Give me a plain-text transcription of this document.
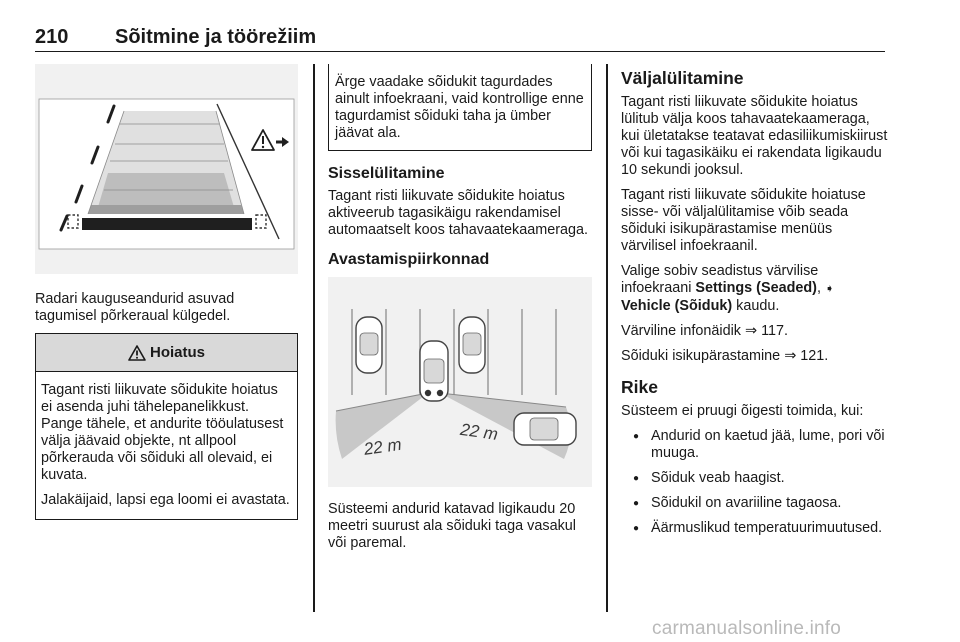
210 Sõitmine ja töörežiim

Radari kauguseandurid asuvad
tagumisel põrkeraual külgedel.

Hoiatus

Tagant risti liikuvate sõidukite hoiatus ei asenda juhi tähelepanelikkust. Pange tähele, et andurite tööulatusest välja jäävaid objekte, nt allpool põrkerauda või sõiduki all olevaid, ei kuvata.

Jalakäijaid, lapsi ega loomi ei avastata.

Ärge vaadake sõidukit tagurdades ainult infoekraani, vaid kontrollige enne tagurdamist sõiduki taha ja ümber jäävat ala.

Sisselülitamine

Tagant risti liikuvate sõidukite hoiatus aktiveerub tagasikäigu rakendamisel automaatselt koos tahavaatekaameraga.

Avastamispiirkonnad
22 m
22 m

Süsteemi andurid katavad ligikaudu 20 meetri suurust ala sõiduki taga vasakul või paremal.

Väljalülitamine

Tagant risti liikuvate sõidukite hoiatus lülitub välja koos tahavaatekaameraga, kui ületatakse teatavat edasiliikumiskiirust või kui tagasikäiku ei rakendata ligikaudu 10 sekundi jooksul.

Tagant risti liikuvate sõidukite hoiatuse sisse- või väljalülitamise võib seada sõiduki isikupärastamise menüüs värvilisel infoekraanil.

Valige sobiv seadistus värvilise infoekraani Settings (Seaded), ➧
Vehicle (Sõiduk) kaudu.

Värviline infonäidik ⇒ 117.

Sõiduki isikupärastamine ⇒ 121.

Rike

Süsteem ei pruugi õigesti toimida, kui:

● Andurid on kaetud jää, lume, pori või muuga.
● Sõiduk veab haagist.
● Sõidukil on avariiline tagaosa.
● Äärmuslikud temperatuurimuutused.
carmanualsonline.info
